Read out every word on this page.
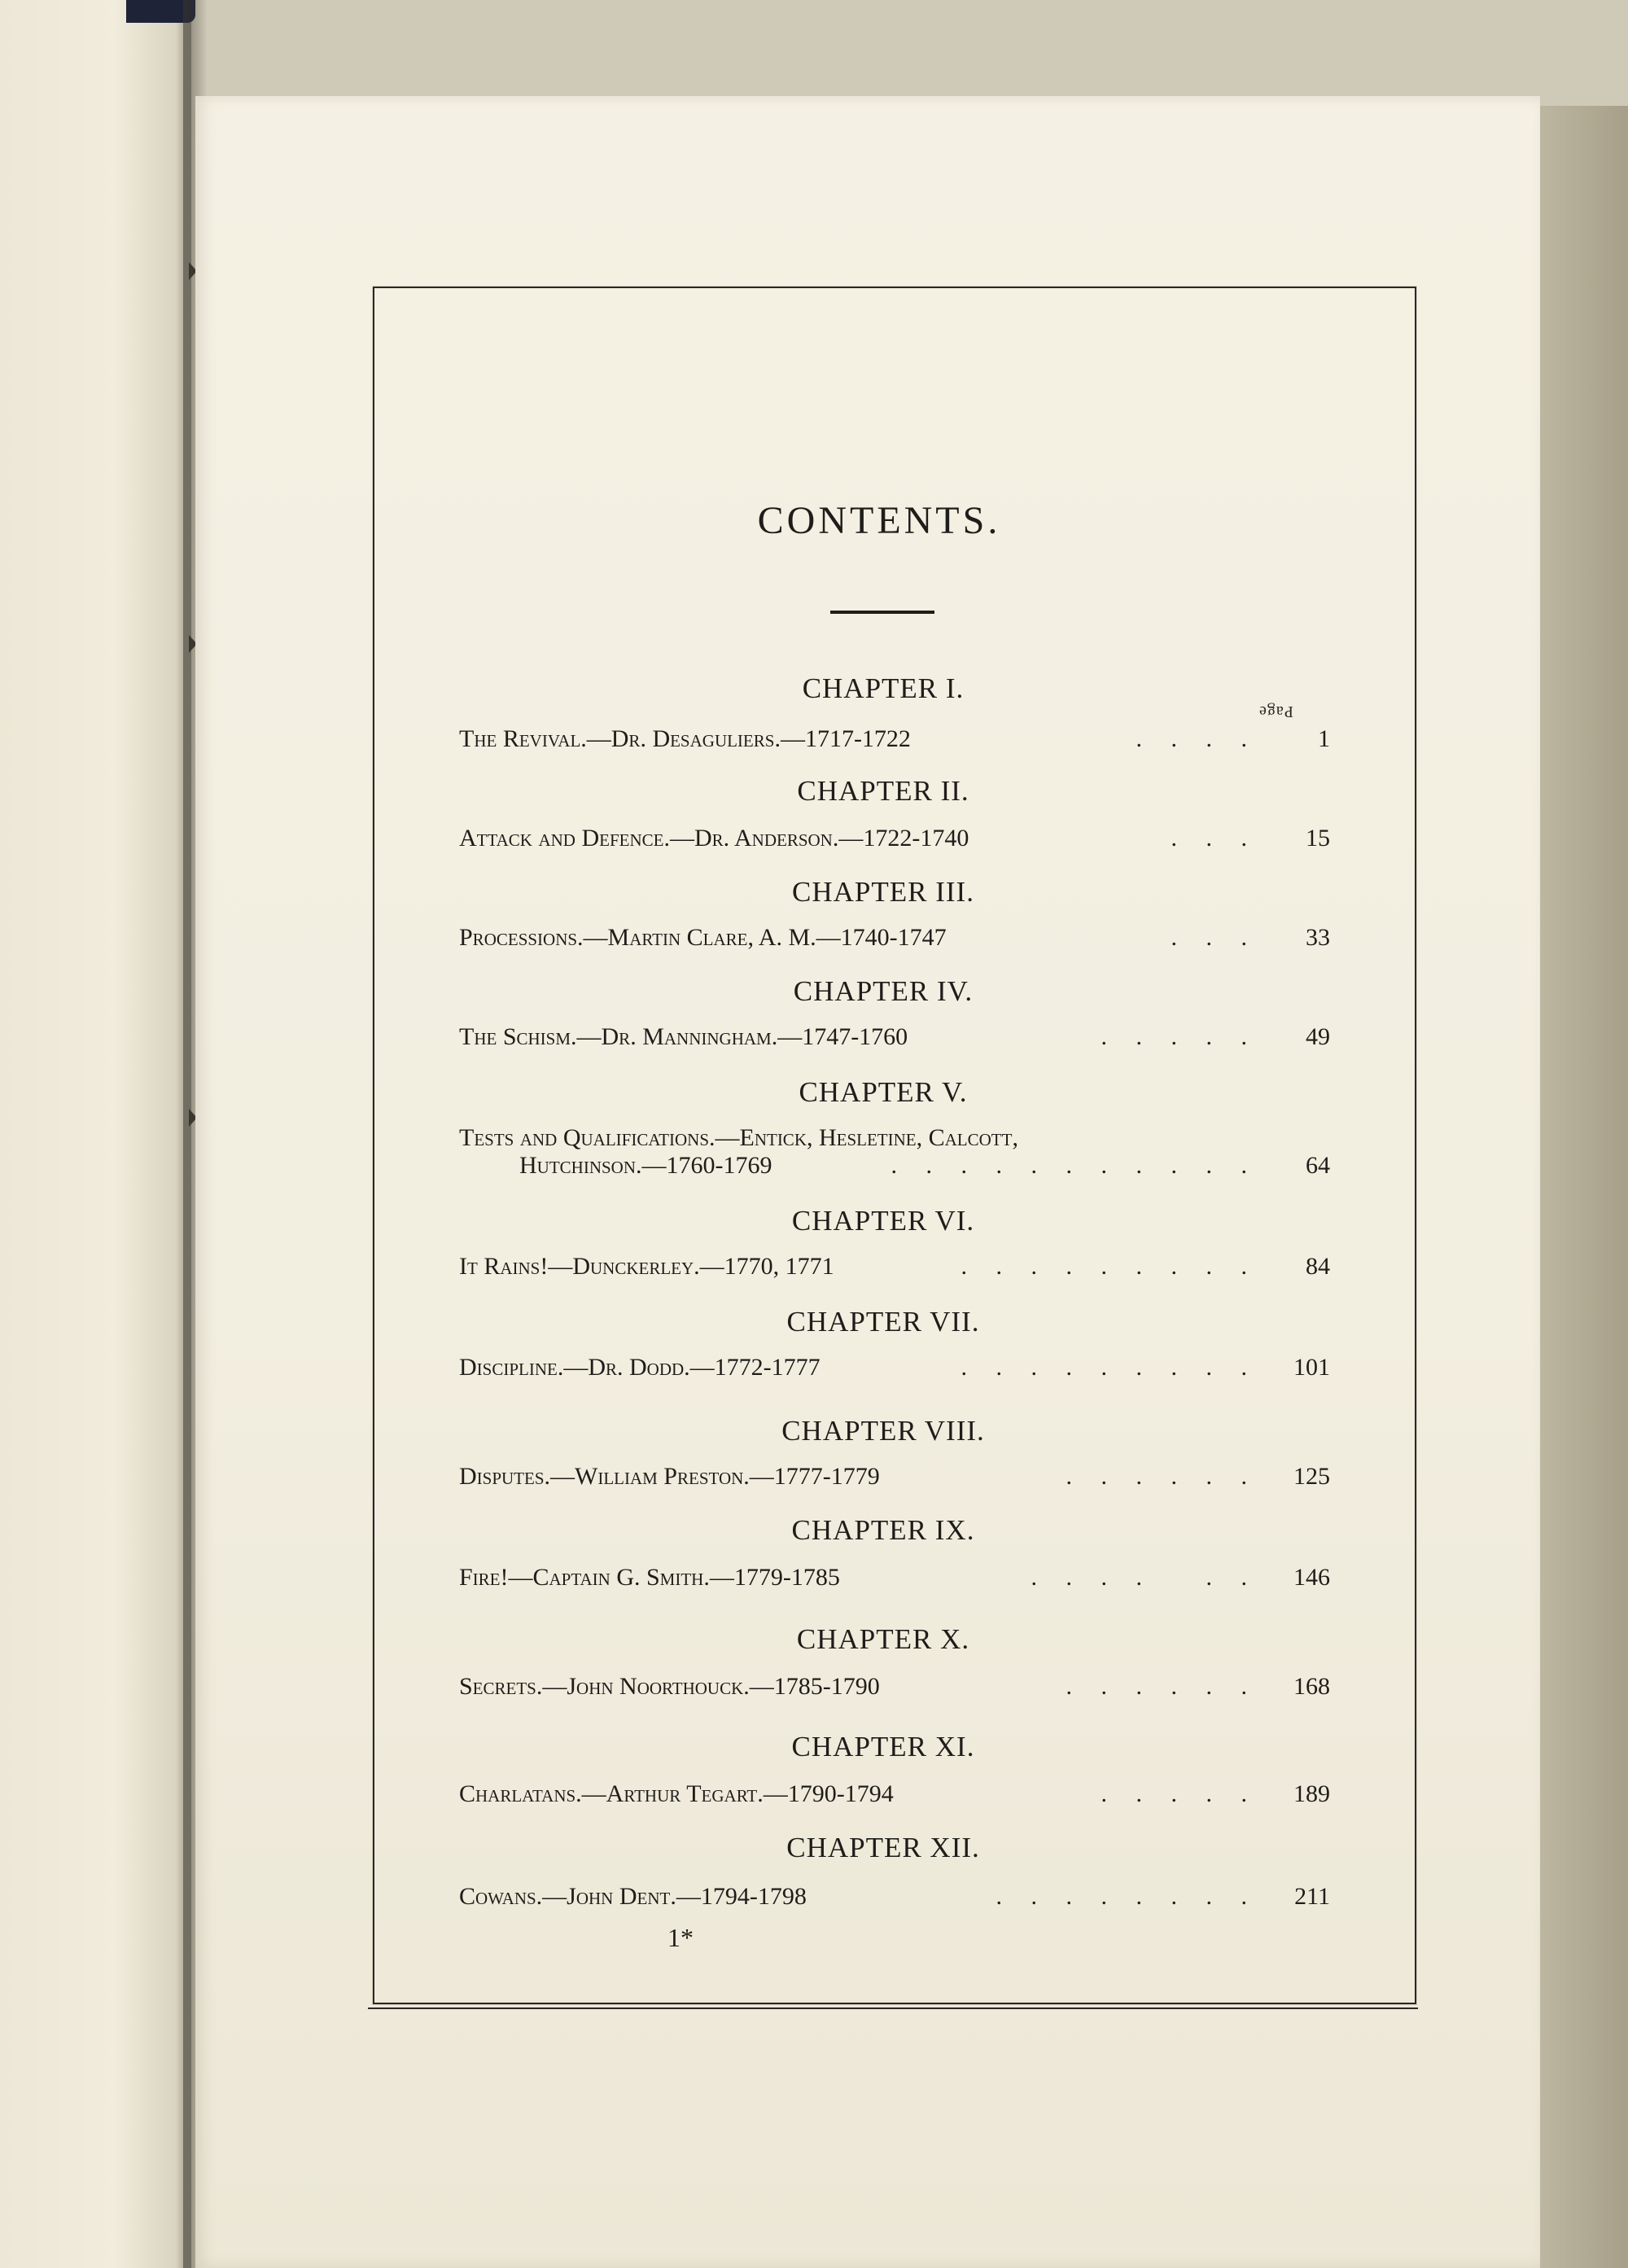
CONTENTS.
Page
CHAPTER I.
The Revival.—Dr. Desaguliers.—1717-1722	. . . .	1
CHAPTER II.
Attack and Defence.—Dr. Anderson.—1722-1740	. . .	15
CHAPTER III.
Processions.—Martin Clare, A. M.—1740-1747	. . .	33
CHAPTER IV.
The Schism.—Dr. Manningham.—1747-1760	. . . . .	49
CHAPTER V.
Tests and Qualifications.—Entick, Hesletine, Calcott,
Hutchinson.—1760-1769	. . . . . . . . . . .	64
CHAPTER VI.
It Rains!—Dunckerley.—1770, 1771	. . . . . . . . .	84
CHAPTER VII.
Discipline.—Dr. Dodd.—1772-1777	. . . . . . . . .	101
CHAPTER VIII.
Disputes.—William Preston.—1777-1779	. . . . . .	125
CHAPTER IX.
Fire!—Captain G. Smith.—1779-1785	. . . .   . .	146
CHAPTER X.
Secrets.—John Noorthouck.—1785-1790	. . . . . .	168
CHAPTER XI.
Charlatans.—Arthur Tegart.—1790-1794	. . . . .	189
CHAPTER XII.
Cowans.—John Dent.—1794-1798	. . . . . . . .	211
1*
